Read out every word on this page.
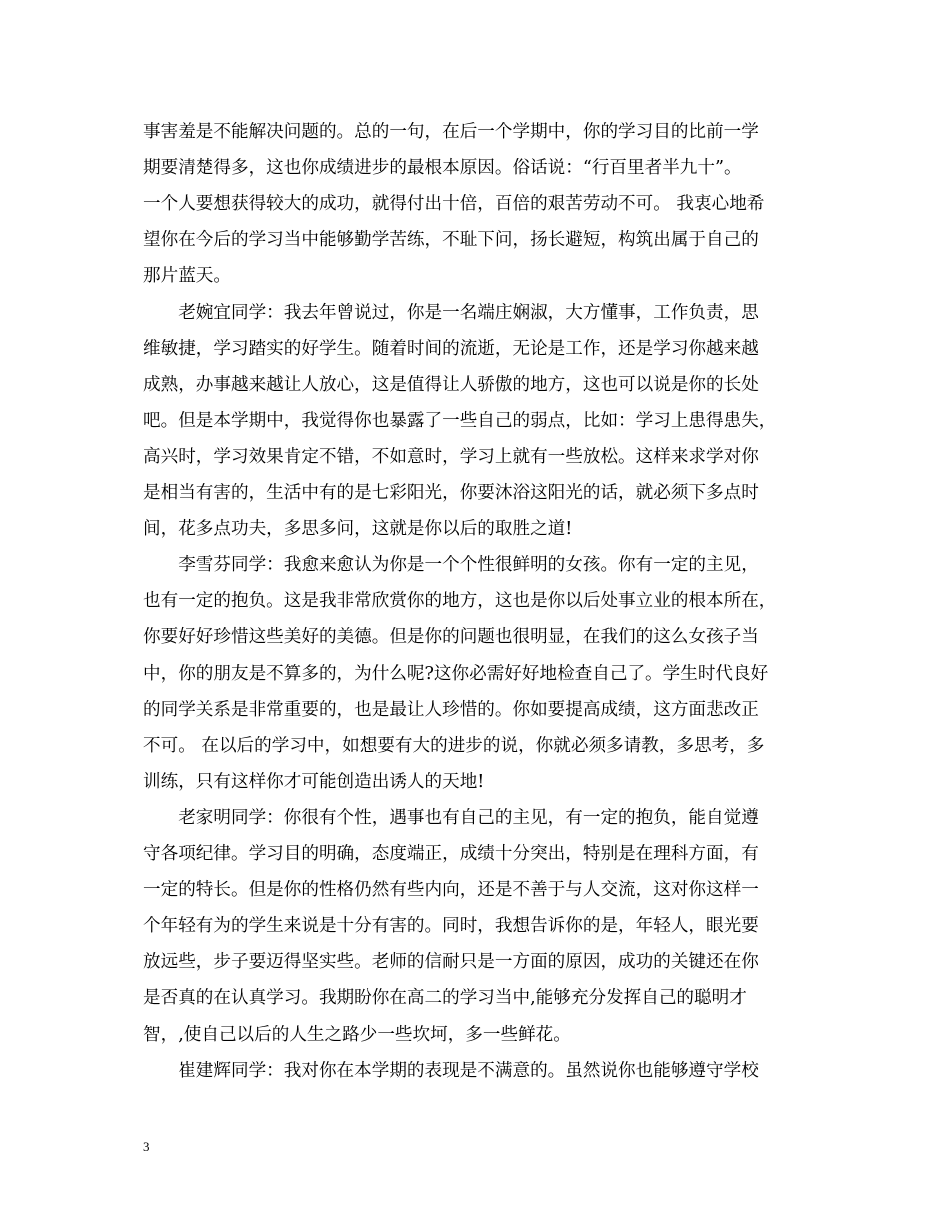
事害羞是不能解决问题的。总的一句，在后一个学期中，你的学习目的比前一学
期要清楚得多，这也你成绩进步的最根本原因。俗话说：“行百里者半九十”。
一个人要想获得较大的成功，就得付出十倍，百倍的艰苦劳动不可。 我衷心地希
望你在今后的学习当中能够勤学苦练，不耻下问，扬长避短，构筑出属于自己的
那片蓝天。
　　老婉宜同学：我去年曾说过，你是一名端庄娴淑，大方懂事，工作负责，思
维敏捷，学习踏实的好学生。随着时间的流逝，无论是工作，还是学习你越来越
成熟，办事越来越让人放心，这是值得让人骄傲的地方，这也可以说是你的长处
吧。但是本学期中，我觉得你也暴露了一些自己的弱点，比如：学习上患得患失，
高兴时，学习效果肯定不错，不如意时，学习上就有一些放松。这样来求学对你
是相当有害的，生活中有的是七彩阳光，你要沐浴这阳光的话，就必须下多点时
间，花多点功夫，多思多问，这就是你以后的取胜之道!
　　李雪芬同学：我愈来愈认为你是一个个性很鲜明的女孩。你有一定的主见，
也有一定的抱负。这是我非常欣赏你的地方，这也是你以后处事立业的根本所在，
你要好好珍惜这些美好的美德。但是你的问题也很明显，在我们的这么女孩子当
中，你的朋友是不算多的，为什么呢?这你必需好好地检查自己了。学生时代良好
的同学关系是非常重要的，也是最让人珍惜的。你如要提高成绩，这方面悲改正
不可。 在以后的学习中，如想要有大的进步的说，你就必须多请教，多思考，多
训练，只有这样你才可能创造出诱人的天地!
　　老家明同学：你很有个性，遇事也有自己的主见，有一定的抱负，能自觉遵
守各项纪律。学习目的明确，态度端正，成绩十分突出，特别是在理科方面，有
一定的特长。但是你的性格仍然有些内向，还是不善于与人交流，这对你这样一
个年轻有为的学生来说是十分有害的。同时，我想告诉你的是，年轻人，眼光要
放远些，步子要迈得坚实些。老师的信耐只是一方面的原因，成功的关键还在你
是否真的在认真学习。我期盼你在高二的学习当中,能够充分发挥自己的聪明才
智，,使自己以后的人生之路少一些坎坷，多一些鲜花。
　　崔建辉同学：我对你在本学期的表现是不满意的。虽然说你也能够遵守学校
3
